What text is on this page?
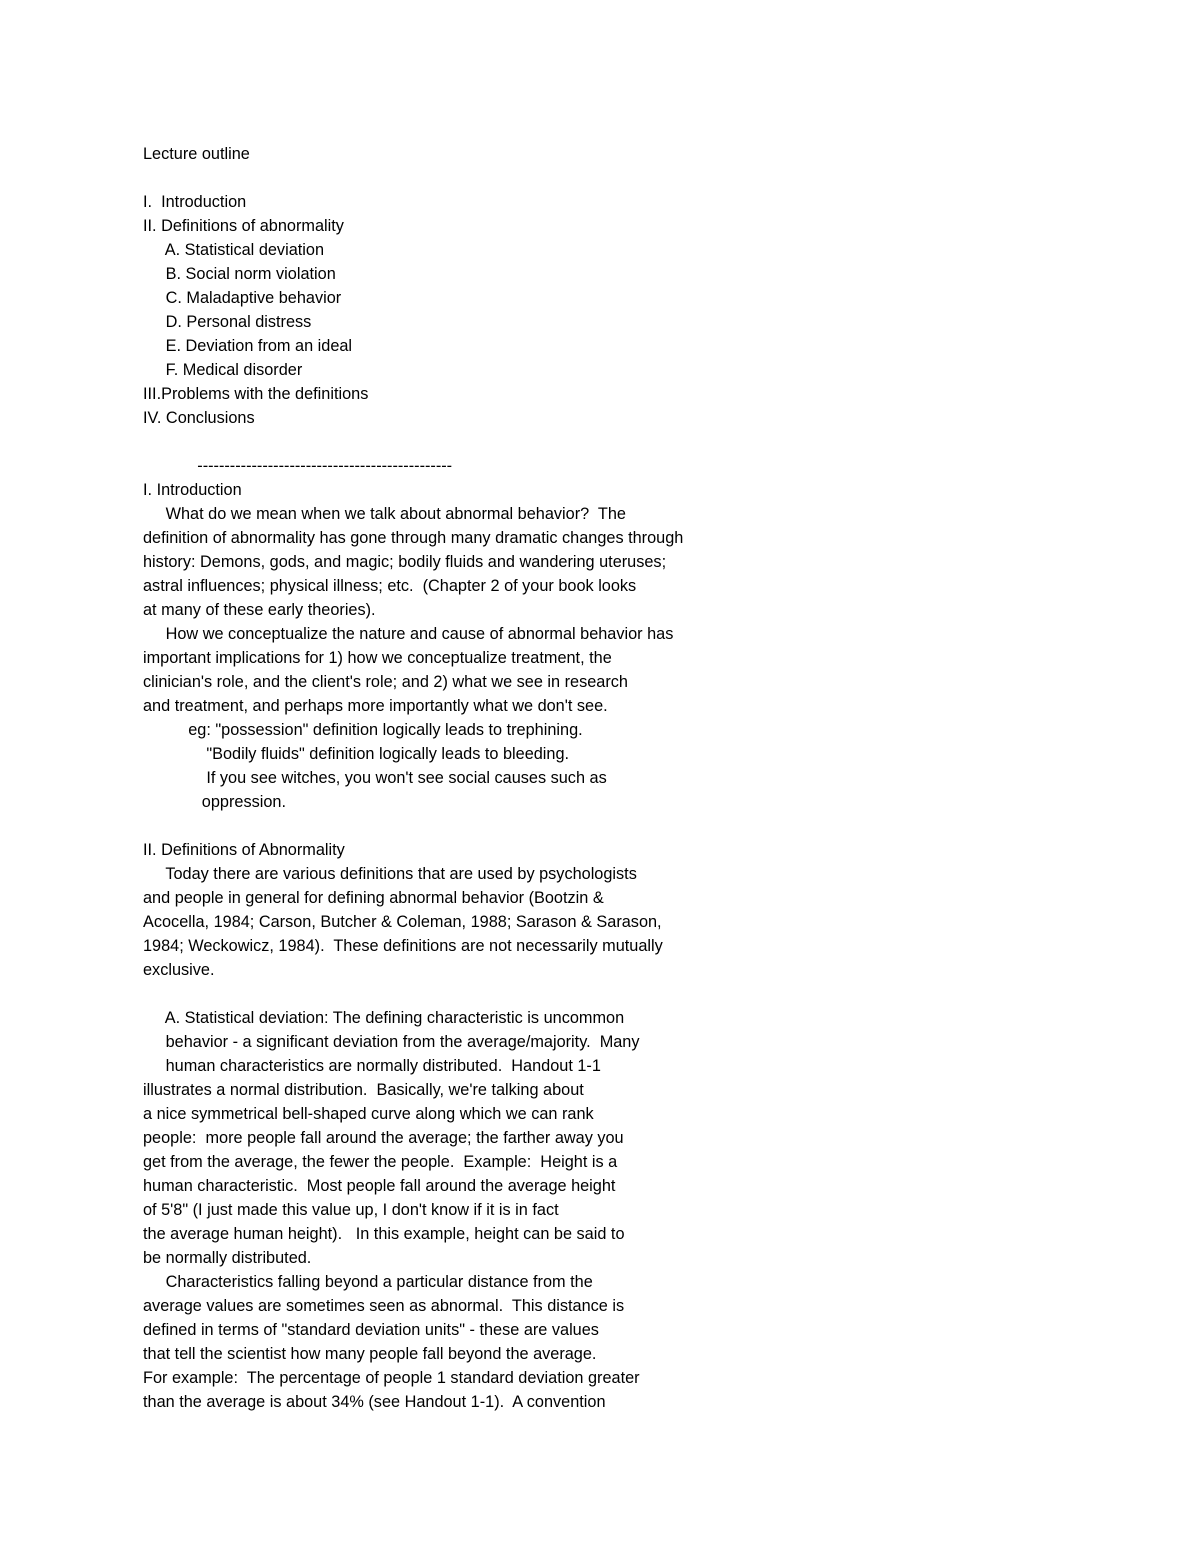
Lecture outline
I.  Introduction
II. Definitions of abnormality
A. Statistical deviation
B. Social norm violation
C. Maladaptive behavior
D. Personal distress
E. Deviation from an ideal
F. Medical disorder
III.Problems with the definitions
IV. Conclusions
-----------------------------------------------
I. Introduction
What do we mean when we talk about abnormal behavior?  The
definition of abnormality has gone through many dramatic changes through
history: Demons, gods, and magic; bodily fluids and wandering uteruses;
astral influences; physical illness; etc.  (Chapter 2 of your book looks
at many of these early theories).
How we conceptualize the nature and cause of abnormal behavior has
important implications for 1) how we conceptualize treatment, the
clinician's role, and the client's role; and 2) what we see in research
and treatment, and perhaps more importantly what we don't see.
eg: "possession" definition logically leads to trephining.
"Bodily fluids" definition logically leads to bleeding.
If you see witches, you won't see social causes such as
oppression.
II. Definitions of Abnormality
Today there are various definitions that are used by psychologists
and people in general for defining abnormal behavior (Bootzin &
Acocella, 1984; Carson, Butcher & Coleman, 1988; Sarason & Sarason,
1984; Weckowicz, 1984).  These definitions are not necessarily mutually
exclusive.
A. Statistical deviation: The defining characteristic is uncommon
behavior - a significant deviation from the average/majority.  Many
human characteristics are normally distributed.  Handout 1-1
illustrates a normal distribution.  Basically, we're talking about
a nice symmetrical bell-shaped curve along which we can rank
people:  more people fall around the average; the farther away you
get from the average, the fewer the people.  Example:  Height is a
human characteristic.  Most people fall around the average height
of 5'8" (I just made this value up, I don't know if it is in fact
the average human height).   In this example, height can be said to
be normally distributed.
Characteristics falling beyond a particular distance from the
average values are sometimes seen as abnormal.  This distance is
defined in terms of "standard deviation units" - these are values
that tell the scientist how many people fall beyond the average.
For example:  The percentage of people 1 standard deviation greater
than the average is about 34% (see Handout 1-1).  A convention
